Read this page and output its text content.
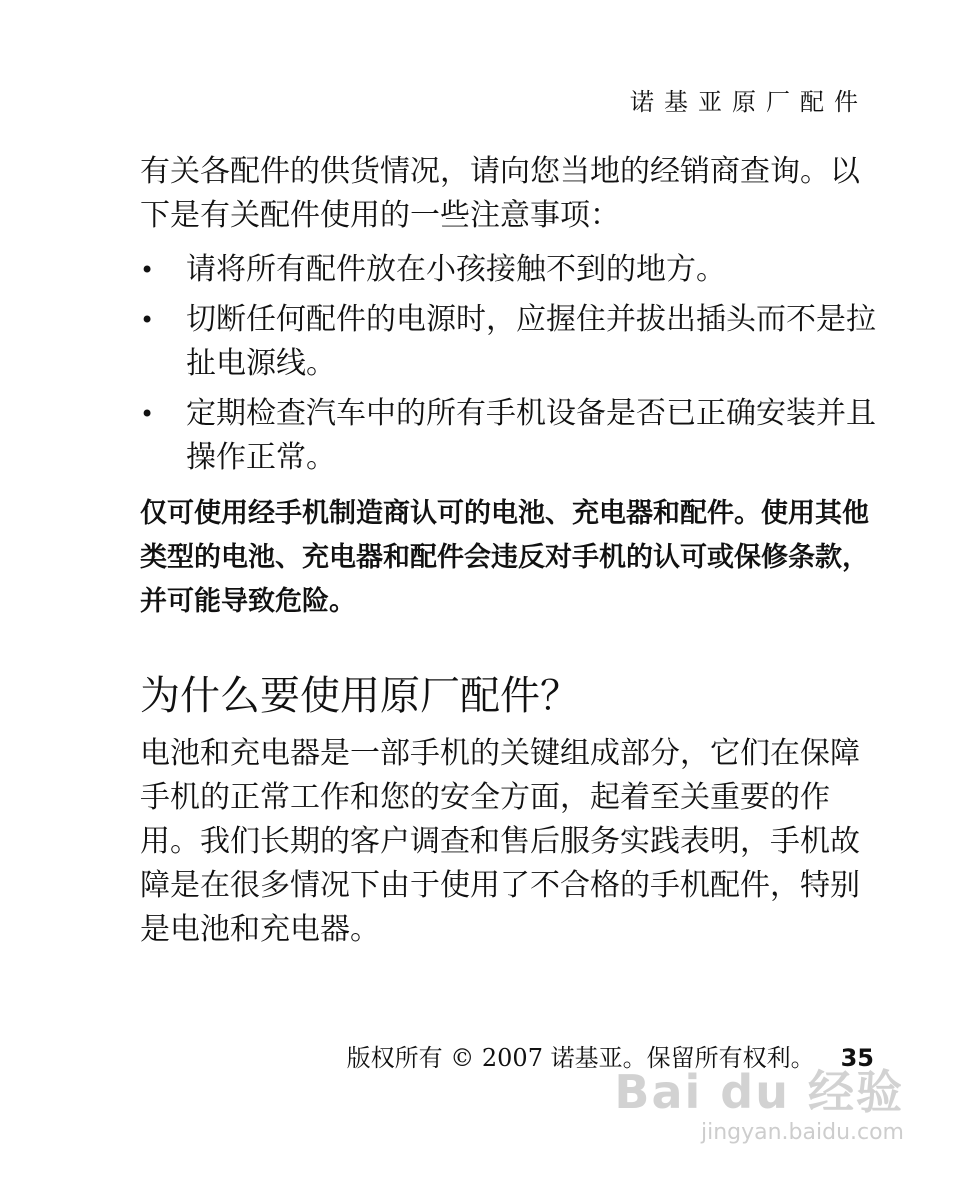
诺基亚原厂配件

有关各配件的供货情况，请向您当地的经销商查询。以下是有关配件使用的一些注意事项：

• 请将所有配件放在小孩接触不到的地方。
• 切断任何配件的电源时，应握住并拔出插头而不是拉扯电源线。
• 定期检查汽车中的所有手机设备是否已正确安装并且操作正常。

仅可使用经手机制造商认可的电池、充电器和配件。使用其他类型的电池、充电器和配件会违反对手机的认可或保修条款，并可能导致危险。

为什么要使用原厂配件？

电池和充电器是一部手机的关键组成部分，它们在保障手机的正常工作和您的安全方面，起着至关重要的作用。我们长期的客户调查和售后服务实践表明，手机故障是在很多情况下由于使用了不合格的手机配件，特别是电池和充电器。

版权所有 © 2007 诺基亚。保留所有权利。 35
Bai du 经验
jingyan.baidu.com
